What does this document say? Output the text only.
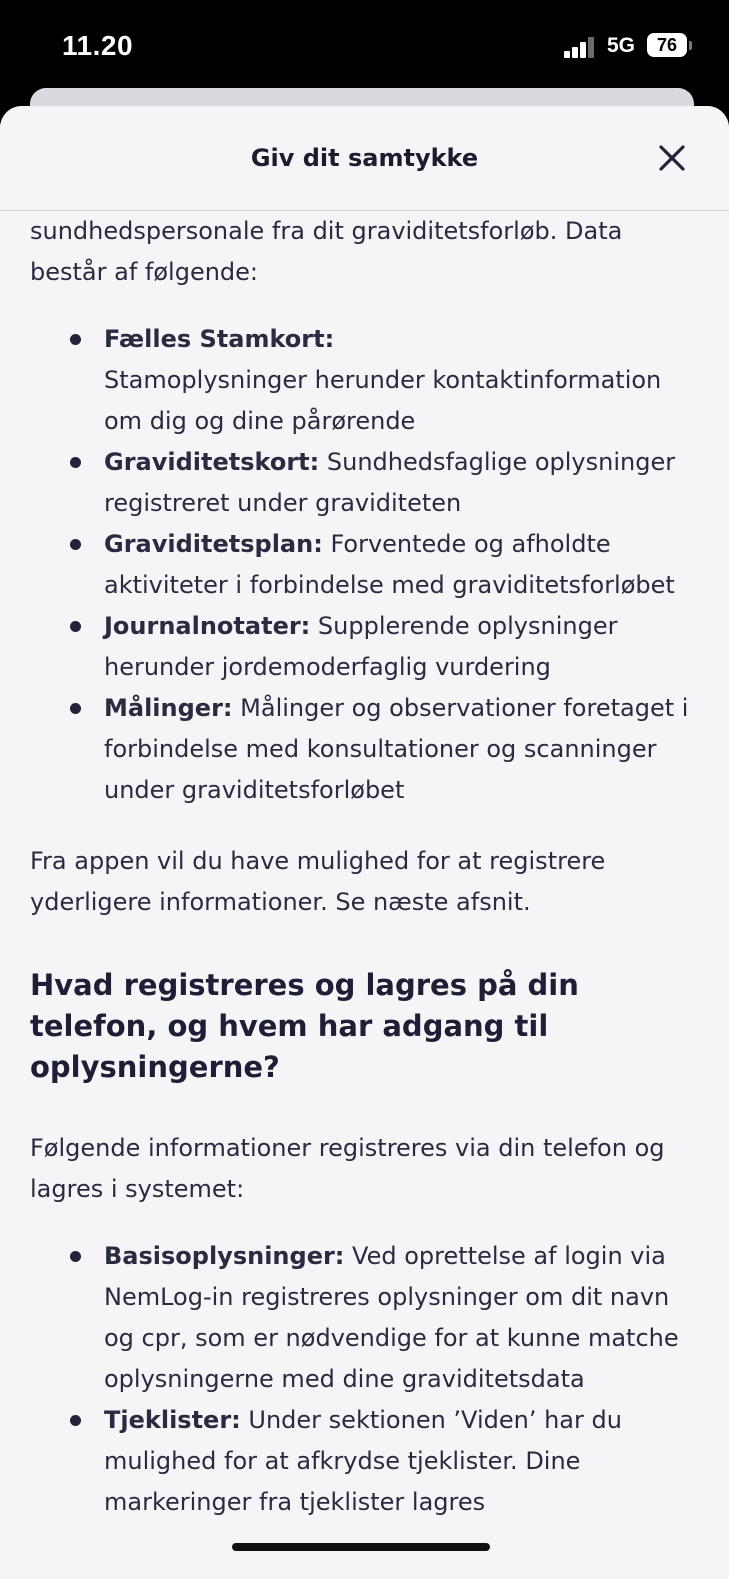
11.20	5G	76
Giv dit samtykke

sundhedspersonale fra dit graviditetsforløb. Data
består af følgende:

Fælles Stamkort:
Stamoplysninger herunder kontaktinformation om dig og dine pårørende
Graviditetskort: Sundhedsfaglige oplysninger registreret under graviditeten
Graviditetsplan: Forventede og afholdte aktiviteter i forbindelse med graviditetsforløbet
Journalnotater: Supplerende oplysninger herunder jordemoderfaglig vurdering
Målinger: Målinger og observationer foretaget i forbindelse med konsultationer og scanninger under graviditetsforløbet

Fra appen vil du have mulighed for at registrere yderligere informationer. Se næste afsnit.

Hvad registreres og lagres på din telefon, og hvem har adgang til oplysningerne?

Følgende informationer registreres via din telefon og lagres i systemet:

Basisoplysninger: Ved oprettelse af login via NemLog-in registreres oplysninger om dit navn og cpr, som er nødvendige for at kunne matche oplysningerne med dine graviditetsdata
Tjeklister: Under sektionen ’Viden’ har du mulighed for at afkrydse tjeklister. Dine markeringer fra tjeklister lagres
